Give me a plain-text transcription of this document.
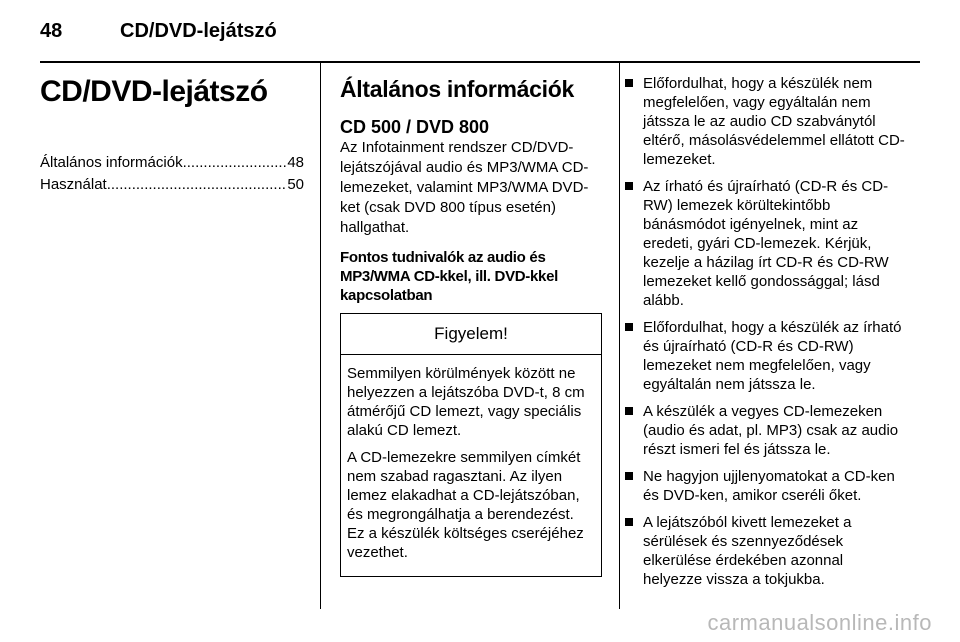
48	CD/DVD-lejátszó
CD/DVD-lejátszó
Általános információk .....	48
Használat .....	50
Általános információk
CD 500 / DVD 800

Az Infotainment rendszer CD/DVD-lejátszójával audio és MP3/WMA CD-lemezeket, valamint MP3/WMA DVD-ket (csak DVD 800 típus esetén) hallgathat.

Fontos tudnivalók az audio és MP3/WMA CD-kkel, ill. DVD-kkel kapcsolatban

Figyelem!

Semmilyen körülmények között ne helyezzen a lejátszóba DVD-t, 8 cm átmérőjű CD lemezt, vagy speciális alakú CD lemezt.

A CD-lemezekre semmilyen címkét nem szabad ragasztani. Az ilyen lemez elakadhat a CD-lejátszóban, és megrongálhatja a berendezést. Ez a készülék költséges cseréjéhez vezethet.

Előfordulhat, hogy a készülék nem megfelelően, vagy egyáltalán nem játssza le az audio CD szabványtól eltérő, másolásvédelemmel ellátott CD-lemezeket.
Az írható és újraírható (CD-R és CD-RW) lemezek körültekintőbb bánásmódot igényelnek, mint az eredeti, gyári CD-lemezek. Kérjük, kezelje a házilag írt CD-R és CD-RW lemezeket kellő gondossággal; lásd alább.
Előfordulhat, hogy a készülék az írható és újraírható (CD-R és CD-RW) lemezeket nem megfelelően, vagy egyáltalán nem játssza le.
A készülék a vegyes CD-lemezeken (audio és adat, pl. MP3) csak az audio részt ismeri fel és játssza le.
Ne hagyjon ujjlenyomatokat a CD-ken és DVD-ken, amikor cseréli őket.
A lejátszóból kivett lemezeket a sérülések és szennyeződések elkerülése érdekében azonnal helyezze vissza a tokjukba.
carmanualsonline.info
